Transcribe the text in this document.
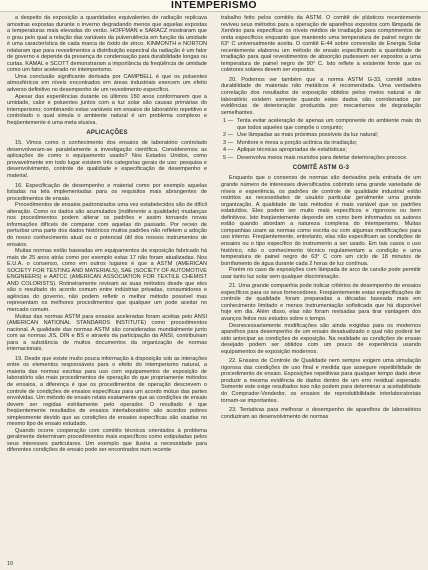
INTEMPERISMO

a despeito da exposição a quantidades equivalentes de radiação replicava amostras expostas durante o inverno degradando menos que aquelas expostas a temperaturas mais elevadas do verão. HOFFMAN e SARACZ mostraram que o grau pelo qual a relação das variáveis da pulverulência em função da umidade é uma característica de cada marca de óxido de zinco. KINMONTH e NORTON relataram que para revestimentos a distribuição espectral da radiação é um fator de governo e depende da presença de condensação para durabilidade longas ou curtas. KAMAL e SCOTT demonstraram a importância da freqüência de umidade como um fator acelerado no intemperismo.

Uma conclusão significante derivada por CAMPBELL é que os poluentes atmosféricos em níveis encontrados em áreas industriais exercem um efeito adverso definitivo no desempenho de um revestimento específico.

Apesar das experiências durante os últimos 150 anos conformarem que a umidade, calor e poluentes juntos com a luz solar são causas primárias do intemperismo; combinando estas variáveis em ensaios de laboratório repetitivo e controlado o qual simula o ambiente natural é um problema complexo e freqüentemente é uma meta elusiva.

APLICAÇÕES

15. Vimos como o conhecimento dos ensaios de laboratório controlado desenvolveram-se paralelamente a investigação científica. Consideremos as aplicações de como o equipamento usado? Nos Estados Unidos, como provavelmente em todo lugar existem três categorias gerais de uso: pesquisa e desenvolvimento, controle de qualidade e especificação de desempenho e material.

16. Especificação de desempenho e material como por exemplo aquelas listadas na tela implementadas para os requisitos mais abrangentes de procedimentos de ensaio.

Procedimentos de ensaios padronizados uma vez estabelecidos são de difícil alteração. Como os dados são acumulados (indiferente a qualidade) mudanças nos procedimentos podem alterar os padrões e assim tornando novas informações difíceis de comparar com aquelas do passado. Por receio de perturbar uma parte dos dados históricos muitos padrões não refletem a adoção do nosso conhecimento atual ou o potencial útil dos nossos instrumentos de ensaios.

Muitas normas estão baseadas em equipamentos de exposição fabricado há mais de 25 anos atrás como por exemplo estas 17 não foram atualizadas. Nos E.U.A. o consenso, como em outros lugares é que a ASTM (AMERICAN SOCIETY FOR TESTING AND MATERIALS), SAE (SOCIETY OF AUTOMOTIVE ENGINEERS) e AATCC (AMERICAN ASSOCIATION FOR TEXTILE CHEMIST AND COLORISTS). Rotineiramente revisam as suas métodos desde que eles são o resultado do acordo comum entre indústrias privadas, consumidores e agências do governo, não podem refletir o melhor método possível mas representam os melhores procedimentos que qualquer um pode aceitar no mercado comum.

Muitas das normas ASTM para ensaios aceleradas foram aceitas pelo ANSI (AMERICAN NATIONAL STANDARDS INSTITUTE) como procedimentos nacional. A qualidade das normas ASTM são consideradas mundialmente junto com as normas JIS, DIN e BS e através da participação da ANSI, contribuiram para a substância de muitos documentos da organização de normas internacionais.

19. Desde que existe muito pouca informação à disposição sob as interações entre os elementos responsáveis para o efeito do intemperismo natural, a maioria das normas escritas para uso com equipamentos de exposição de laboratório são mais procedimentos de operação do que propriamente métodos de ensaios, a diferença é que os procedimentos de operação descrevem o controle de condições de ensaios específicas para um acordo mútuo das partes envolvidas. Um método de ensaio relata exatamente que as condições de ensaio devem ser regidas estritamente pelo operador. O resultado é que freqüentemente resultados de ensaios interlaboratório são acordos pobres simplesmente devido que as condições de ensaios específicas são usadas no mesmo tipo de ensaio estudado.

Quando ocorre cooperação com comitês técnicos orientados à problema geralmente determinam procedimentos mais específicos como estipuladas pelos seus interesses particulares. Um exemplo que ilustra a necessidade para diferentes condições de ensaio pode ser encontrados num recente

trabalho feito pelos comitês da ASTM. O comitê de plásticos recentemente reviveu seus métodos para a operação de aparelhos expostos com lâmpada de Xenônio para especificar os níveis médios de irradiação para comprimentos de onda específicos enquanto que mantendo uma temperatura de painel negro de 63° C universalmente aceita. O comitê E-44 sobre conversão de Energia Solar recentemente elaborou um método de ensaio especificando a quantidade de irradiação para qual revestimentos de absorção pudessem ser expostos a uma temperatura de painel negro de 90° C. Isto reflete a existente fonte que os coletores solares devem ser expostos.

20. Podemos ver também que a norma ASTM G-33, comitê sobre durabilidade de materiais não metálicos é recomendada. Uma verdadeira correlação dos resultados de exposição obtidos pelos meios natural e de laboratório existem somente quando estes dados são corroborados por evidências de deterioração produzida por mecanismos de degradação semelhantes.

1 — Tenta evitar aceleração de apenas um componente do ambiente mais do que todos aqueles que compõe o conjunto;
2 — Use lâmpadas as mais próximas possíveis da luz natural;
3 — Monitore e mexa a porção actínica da irradiação;
4 — Aplique técnicas apropriadas de estatísticas;
5 — Desenvolva meios mais reunidos para detetar deteriorações precoce.
COMITÊ ASTM G-3

Enquanto que o consenso de normas são derivados pela entrada de um grande número de interesses diversificados cobrindo uma grande variedade de níveis e experiência, os padrões de controle de qualidade industrial estão restritos as necessidades de usuário particular geralmente uma grande organização. A qualidade de tais métodos é mais variável que os padrões estatuídos. Eles podem ser muito mais específicos e rigorosos ou bem definitivos. Isto freqüentemente depende em como bem informados os autores estão quando abordam a natureza complexa do intemperismo. Muitas companhias usam as normas como escrita ou com algumas modificações para uso interno. Freqüentemente, entretanto, elas não especificam as condições de ensaios ou o tipo específico do instrumento a ser usado. Em tais casos o uso histórico, não o conhecimento técnico regulamentam a condição e uma temperatura de painel negro de 63° C com um ciclo de 18 minutos de borrifamento de água durante cada 2 horas de luz contínua.

Porém no caso de exposições com lâmpada de arco de carvão pode permitir usar tanto luz solar sem qualquer discriminação.

21. Uma grande companhia pode indicar critérios de desempenho de ensaios específicos para os seus fornecedores. Freqüentemente estas especificações de controle de qualidade foram preparadas a décadas baseada mais em conhecimento limitado e menos instrumentação sofisticada que há disponível hoje em dia. Além disso, elas não foram revisadas para tirar vantagem dos avanços feitos nos estudos sobre o tempo.

Desnecessariamente modificações são ainda exigidas para os modernos aparelhos para desempenho de um ensaio desatualizado o qual não poderá ter sido antecipar as condições de exposição. Na realidade as condições de ensaio desejado podem ser obtidos com um pouco de experiência usando equipamentos de exposição modernos.

22. Ensaios de Controle de Qualidade nem sempre exigem uma simulação rigorosa das condições de uso final e medida que assegure repetibilidade de procedimento de ensaio. Exposições repetitivas para qualquer tempo dado deve produzir a mesma evidência de dados dentro de um erro residual esperado. Somente este exige resultados isso não podem para determinar a aceitabilidade do Comprador-Vendedor, os ensaios de reprodutibilidade interlaboratoriais tornam-se importantes.

23. Tentativas para melhorar o desempenho de aparelhos de laboratórios conduziram ao desenvolvimento de normas

10
